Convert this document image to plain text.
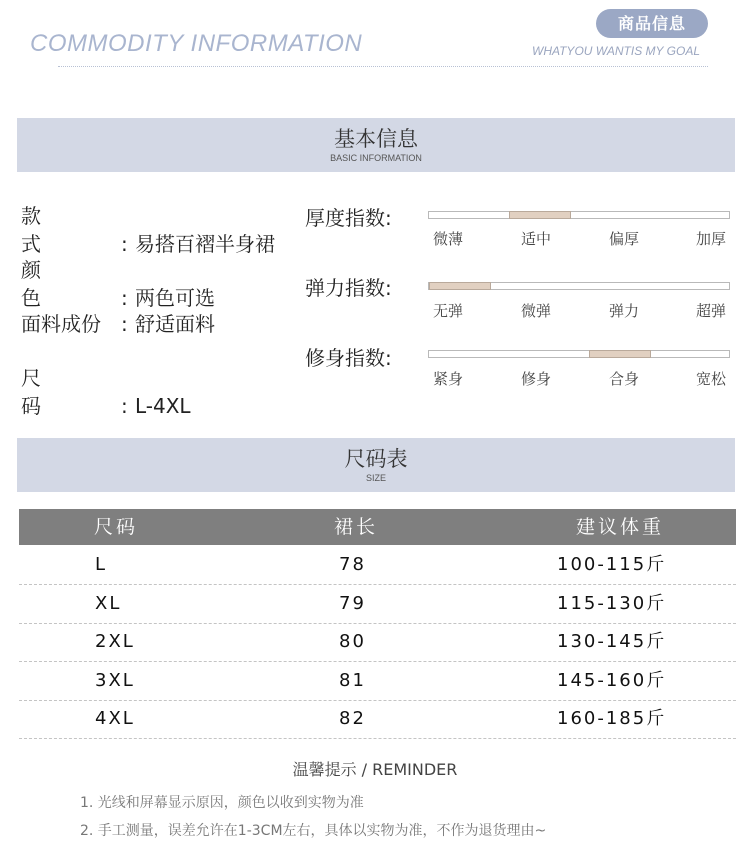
COMMODITY INFORMATION
商品信息
WHATYOU WANTIS MY GOAL
基本信息
BASIC INFORMATION
款式 : 易搭百褶半身裙
颜色 : 两色可选
面料成份 : 舒适面料
尺码 : L-4XL
厚度指数:
微薄	适中	偏厚	加厚
弹力指数:
无弹	微弹	弹力	超弹
修身指数:
紧身	修身	合身	宽松
尺码表
SIZE
尺码	裙长	建议体重
L	78	100-115斤
XL	79	115-130斤
2XL	80	130-145斤
3XL	81	145-160斤
4XL	82	160-185斤
温馨提示 / REMINDER
1. 光线和屏幕显示原因，颜色以收到实物为准
2. 手工测量，误差允许在1-3CM左右，具体以实物为准，不作为退货理由~
